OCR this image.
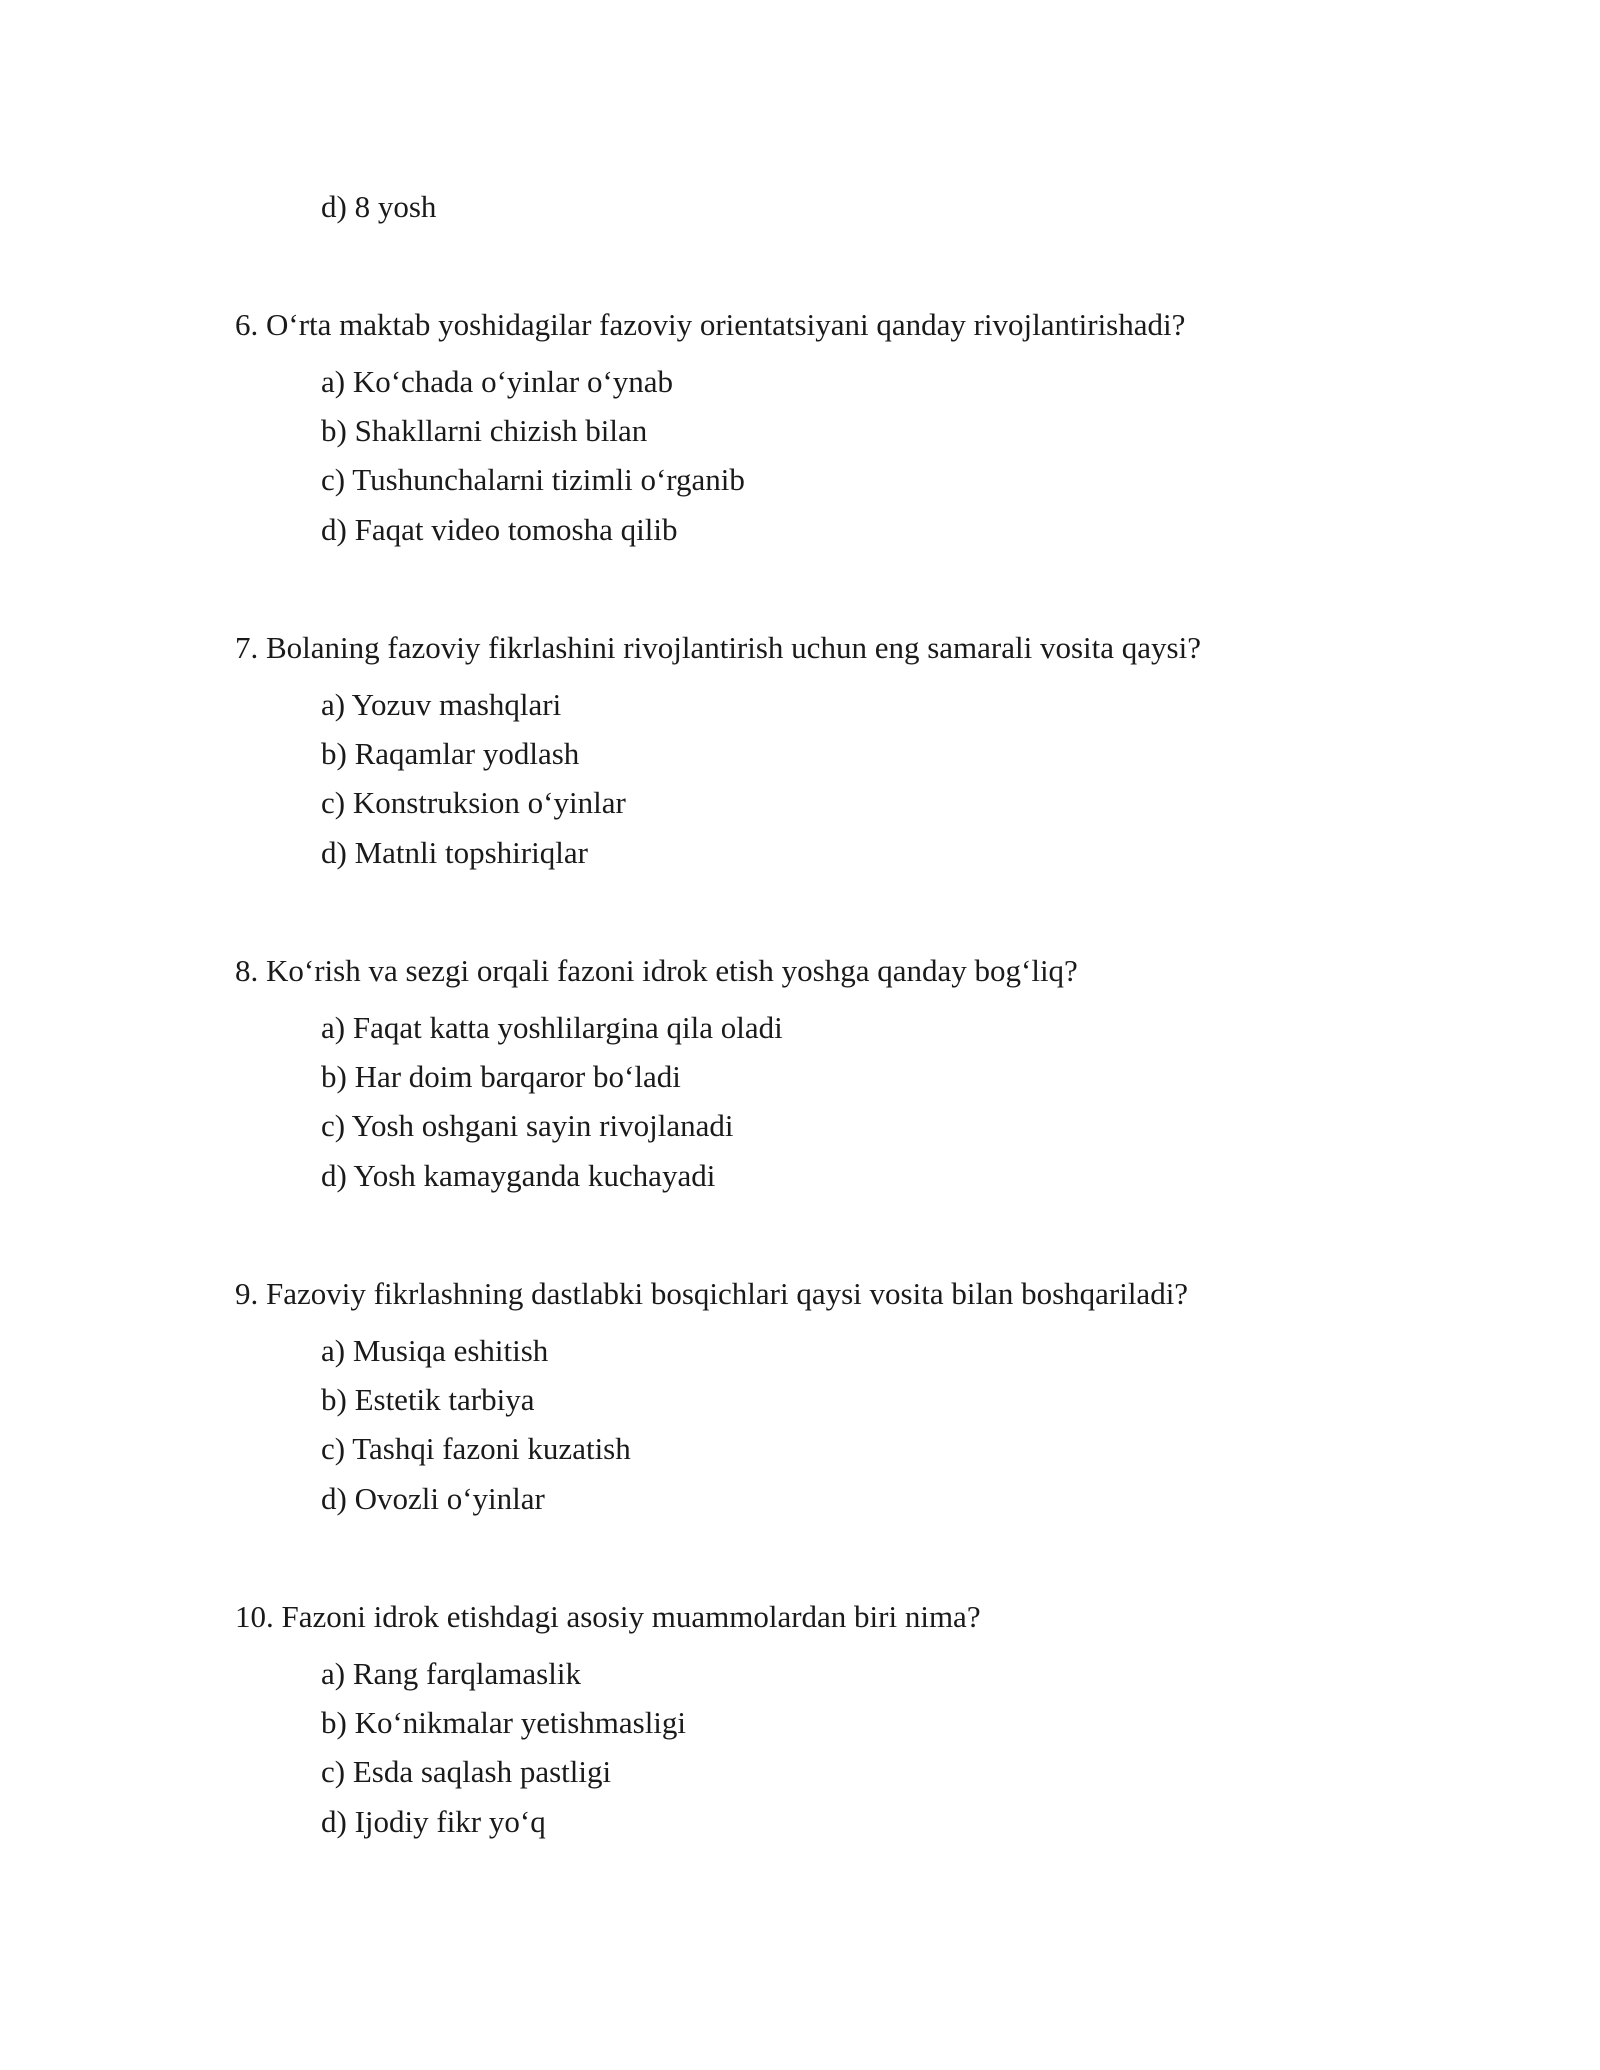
d) 8 yosh
6. O‘rta maktab yoshidagilar fazoviy orientatsiyani qanday rivojlantirishadi?
a) Ko‘chada o‘yinlar o‘ynab
b) Shakllarni chizish bilan
c) Tushunchalarni tizimli o‘rganib
d) Faqat video tomosha qilib
7. Bolaning fazoviy fikrlashini rivojlantirish uchun eng samarali vosita qaysi?
a) Yozuv mashqlari
b) Raqamlar yodlash
c) Konstruksion o‘yinlar
d) Matnli topshiriqlar
8. Ko‘rish va sezgi orqali fazoni idrok etish yoshga qanday bog‘liq?
a) Faqat katta yoshlilargina qila oladi
b) Har doim barqaror bo‘ladi
c) Yosh oshgani sayin rivojlanadi
d) Yosh kamayganda kuchayadi
9. Fazoviy fikrlashning dastlabki bosqichlari qaysi vosita bilan boshqariladi?
a) Musiqa eshitish
b) Estetik tarbiya
c) Tashqi fazoni kuzatish
d) Ovozli o‘yinlar
10. Fazoni idrok etishdagi asosiy muammolardan biri nima?
a) Rang farqlamaslik
b) Ko‘nikmalar yetishmasligi
c) Esda saqlash pastligi
d) Ijodiy fikr yo‘q
